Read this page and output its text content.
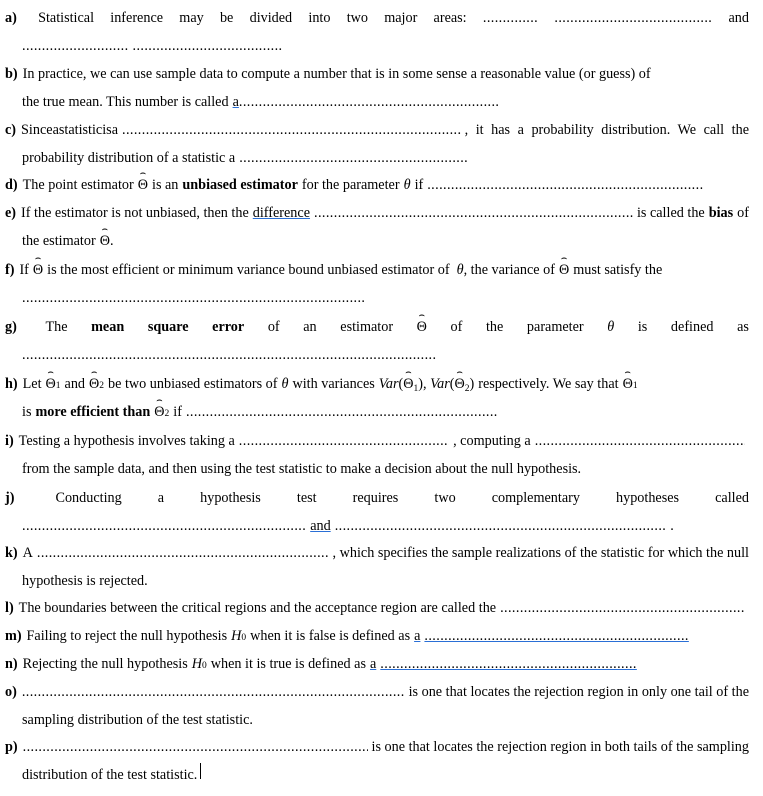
a) Statistical inference may be divided into two major areas: .............. ........................................ and
........................... ......................................
b) In practice, we can use sample data to compute a number that is in some sense a reasonable value (or guess) of
the true mean. This number is called a ..................................................................
c) Since a statistic is a .....	, it has a probability distribution. We call the
probability distribution of a statistic a ..........................................................
d) The point estimator ⌢ Θ is an unbiased estimator for the parameter θ if ......................................................................
e) If the estimator is not unbiased, then the difference .....	is called the bias of
the estimator ⌢ Θ .
f) If ⌢ Θ is the most efficient or minimum variance bound unbiased estimator of θ , the variance of ⌢ Θ must satisfy the
.......................................................................................
g) The mean square error of an estimator ⌢ Θ of the parameter θ is defined as
.........................................................................................................
h) Let ⌢ Θ 1 and ⌢ Θ 2 be two unbiased estimators of θ with variances Var(⌢ $\Theta_1$), Var(⌢ $\Theta_2$) respectively. We say that ⌢ Θ 1
is more efficient than ⌢ Θ 2 if ...............................................................................
i) Testing a hypothesis involves taking a .....	, computing a
.....
from the sample data, and then using the test statistic to make a decision about the null hypothesis.
j)	Conducting	a	hypothesis	test	requires	two	complementary	hypotheses	called
........................................................................ and .................................................................................... .
k) A .....	, which specifies the sample realizations of the statistic for which the null
hypothesis is rejected.
l) The boundaries between the critical regions and the acceptance region are called the
.....
m) Failing to reject the null hypothesis H 0 when it is false is defined as a ...................................................................
n) Rejecting the null hypothesis H 0 when it is true is defined as a .................................................................
o) .....	is one that locates the rejection region in only one tail of the
sampling distribution of the test statistic.
p) .....	is one that locates the rejection region in both tails of the sampling
distribution of the test statistic.
